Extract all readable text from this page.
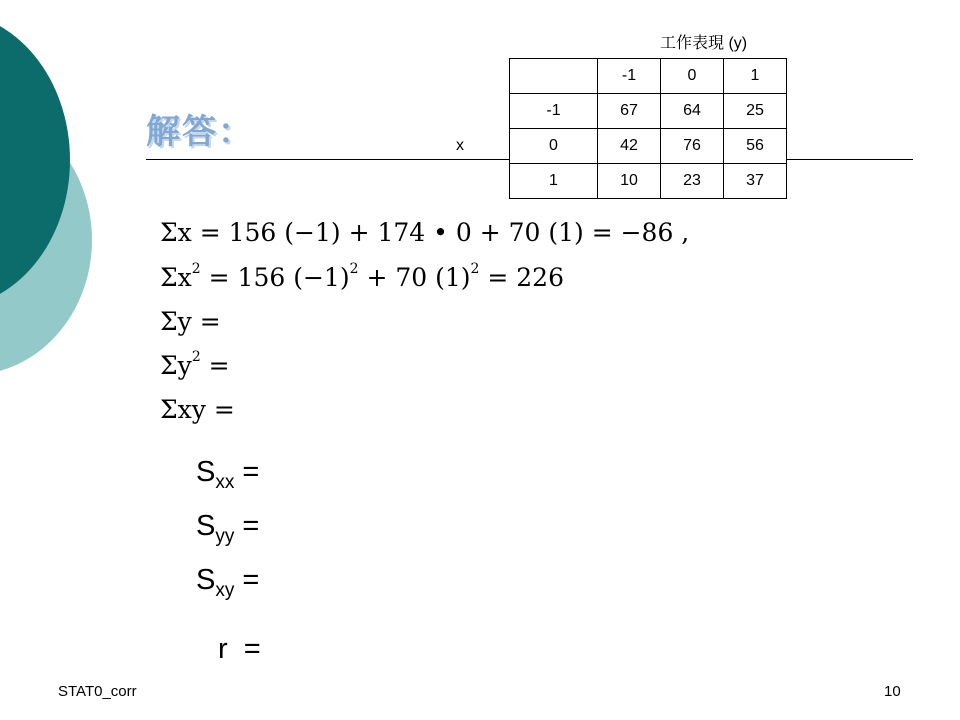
解答：
工作表現 (y)
x
	-1	0	1
-1	67	64	25
0	42	76	56
1	10	23	37
Σx = 156 (−1) + 174 • 0 + 70 (1) = −86 ,
$\Sigma x^2 = 156$ $(-1)^2 + 70$ $(1)^2 = 226$
Σy =
$\Sigma y^2$ =
Σxy =
$S_{xx}$ =
$S_{yy}$ =
$S_{xy}$ =
r  =
STAT0_corr	10
